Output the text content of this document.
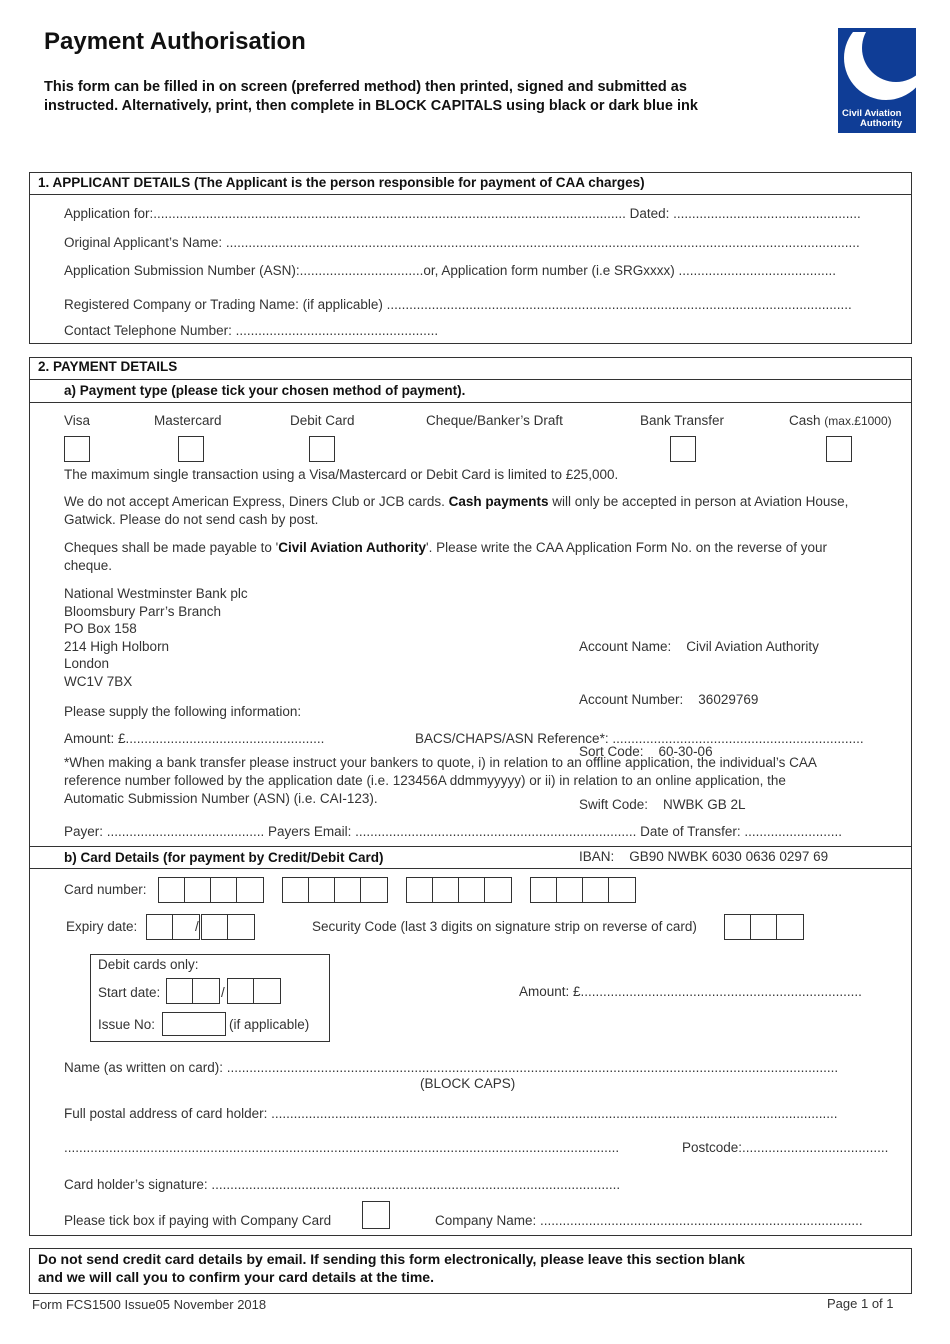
Payment Authorisation
This form can be filled in on screen (preferred method) then printed, signed and submitted as
instructed. Alternatively, print, then complete in BLOCK CAPITALS using black or dark blue ink	Civil Aviation
Authority
1. APPLICANT DETAILS (The Applicant is the person responsible for payment of CAA charges)
Application for:.............................................................................................................................. Dated: ..................................................
Original Applicant’s Name: .........................................................................................................................................................................
Application Submission Number (ASN):.................................or, Application form number (i.e SRGxxxx) ..........................................
Registered Company or Trading Name: (if applicable) ............................................................................................................................
Contact Telephone Number: ......................................................
2. PAYMENT DETAILS
a) Payment type (please tick your chosen method of payment).
Visa	Mastercard	Debit Card	Cheque/Banker’s Draft	Bank Transfer	Cash (max.£1000)
The maximum single transaction using a Visa/Mastercard or Debit Card is limited to £25,000.
We do not accept American Express, Diners Club or JCB cards. Cash payments will only be accepted in person at Aviation House,
Gatwick. Please do not send cash by post.
Cheques shall be made payable to 'Civil Aviation Authority'. Please write the CAA Application Form No. on the reverse of your
cheque.
National Westminster Bank plc
Bloomsbury Parr’s Branch
PO Box 158
214 High Holborn
London
WC1V 7BX

Account Name:    Civil Aviation Authority

Account Number:    36029769

Sort Code:    60-30-06

Swift Code:    NWBK GB 2L

IBAN:    GB90 NWBK 6030 0636 0297 69

Please supply the following information:
Amount: £.....................................................	BACS/CHAPS/ASN Reference*: ...................................................................
*When making a bank transfer please instruct your bankers to quote, i) in relation to an offline application, the individual’s CAA
reference number followed by the application date (i.e. 123456A ddmmyyyyy) or ii) in relation to an online application, the
Automatic Submission Number (ASN) (i.e. CAI-123).
Payer: .......................................... Payers Email: ........................................................................... Date of Transfer: ..........................
b) Card Details (for payment by Credit/Debit Card)
Card number:
Expiry date:	/	Security Code (last 3 digits on signature strip on reverse of card)
Debit cards only:
Start date:	/
Issue No:	(if applicable)
Amount: £...........................................................................
Name (as written on card): ...................................................................................................................................................................
(BLOCK CAPS)
Full postal address of card holder: .......................................................................................................................................................
....................................................................................................................................................	Postcode:.......................................
Card holder’s signature: .............................................................................................................
Please tick box if paying with Company Card	Company Name: ......................................................................................
Do not send credit card details by email. If sending this form electronically, please leave this section blank
and we will call you to confirm your card details at the time.
Form FCS1500 Issue05 November 2018	Page 1 of 1
